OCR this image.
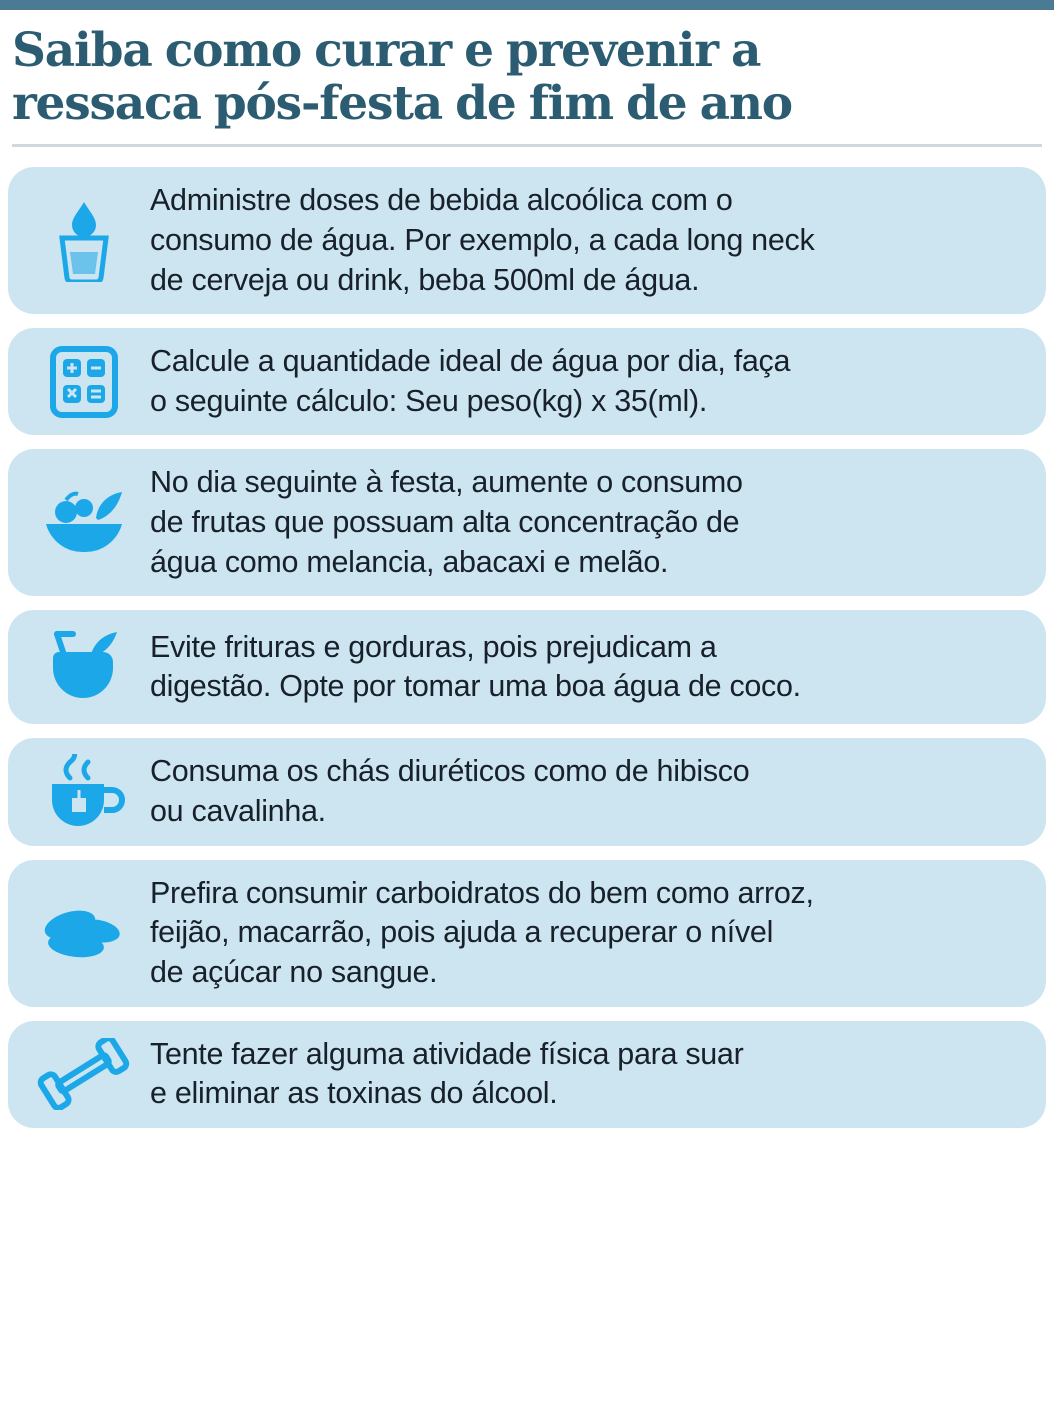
Saiba como curar e prevenir a
ressaca pós-festa de fim de ano
Administre doses de bebida alcoólica com o
consumo de água. Por exemplo, a cada long neck
de cerveja ou drink, beba 500ml de água.
Calcule a quantidade ideal de água por dia, faça
o seguinte cálculo: Seu peso(kg) x 35(ml).
No dia seguinte à festa, aumente o consumo
de frutas que possuam alta concentração de
água como melancia, abacaxi e melão.
Evite frituras e gorduras, pois prejudicam a
digestão. Opte por tomar uma boa água de coco.
Consuma os chás diuréticos como de hibisco
ou cavalinha.
Prefira consumir carboidratos do bem como arroz,
feijão, macarrão, pois ajuda a recuperar o nível
de açúcar no sangue.
Tente fazer alguma atividade física para suar
e eliminar as toxinas do álcool.
